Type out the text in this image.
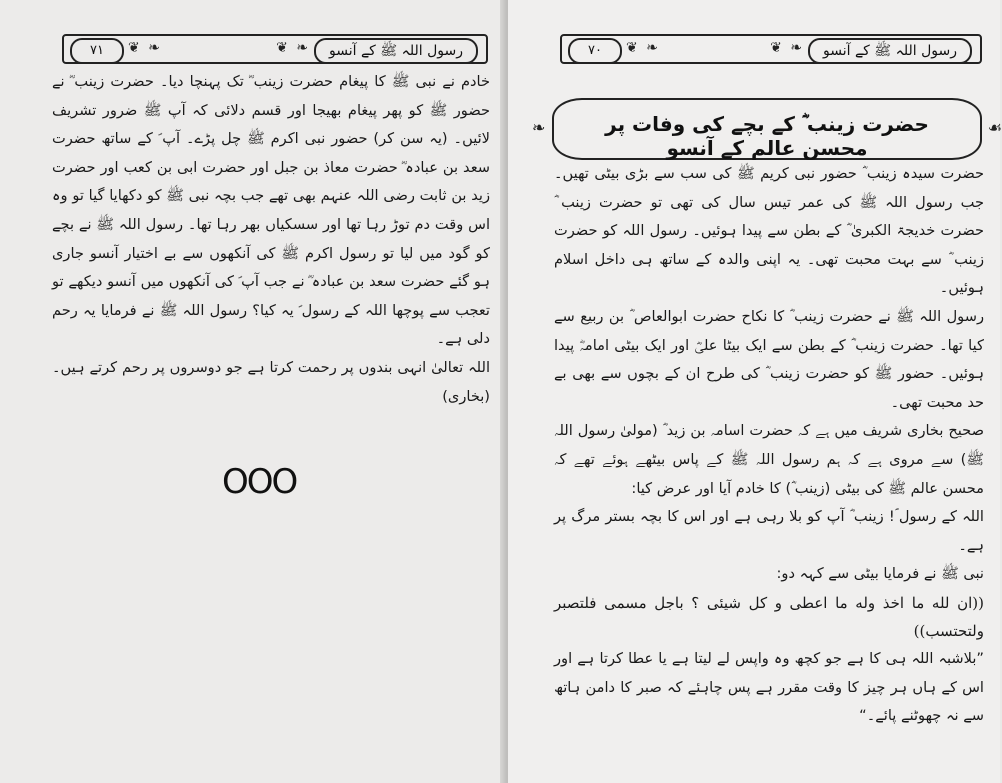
۷۱	❦ ❧	❦ ❧	رسول اللہ ﷺ کے آنسو

خادم نے نبی ﷺ کا پیغام حضرت زینب ؓ تک پہنچا دیا۔ حضرت زینب ؓ نے حضور ﷺ کو پھر پیغام بھیجا اور قسم دلائی کہ آپ ﷺ ضرور تشریف لائیں۔ (یہ سن کر) حضور نبی اکرم ﷺ چل پڑے۔ آپ ؐ کے ساتھ حضرت سعد بن عبادہ ؓ حضرت معاذ بن جبل اور حضرت ابی بن کعب اور حضرت زید بن ثابت رضی اللہ عنہم بھی تھے جب بچہ نبی ﷺ کو دکھایا گیا تو وہ اس وقت دم توڑ رہا تھا اور سسکیاں بھر رہا تھا۔ رسول اللہ ﷺ نے بچے کو گود میں لیا تو رسول اکرم ﷺ کی آنکھوں سے بے اختیار آنسو جاری ہو گئے حضرت سعد بن عبادہ ؓ نے جب آپ ؐ کی آنکھوں میں آنسو دیکھے تو تعجب سے پوچھا اللہ کے رسول ؐ یہ کیا؟ رسول اللہ ﷺ نے فرمایا یہ رحم دلی ہے۔

اللہ تعالیٰ انہی بندوں پر رحمت کرتا ہے جو دوسروں پر رحم کرتے ہیں۔ (بخاری)

OOO
۷۰	❦ ❧	❦ ❧	رسول اللہ ﷺ کے آنسو
❧	حضرت زینب ؓ کے بچے کی وفات پر محسن عالم کے آنسو
☙

حضرت سیدہ زینب ؓ حضور نبی کریم ﷺ کی سب سے بڑی بیٹی تھیں۔ جب رسول اللہ ﷺ کی عمر تیس سال کی تھی تو حضرت زینب ؓ حضرت خدیجۃ الکبریٰ ؓ کے بطن سے پیدا ہوئیں۔ رسول اللہ کو حضرت زینب ؓ سے بہت محبت تھی۔ یہ اپنی والدہ کے ساتھ ہی داخل اسلام ہوئیں۔

رسول اللہ ﷺ نے حضرت زینب ؓ کا نکاح حضرت ابوالعاص ؓ بن ربیع سے کیا تھا۔ حضرت زینب ؓ کے بطن سے ایک بیٹا علیؓ اور ایک بیٹی امامہؓ پیدا ہوئیں۔ حضور ﷺ کو حضرت زینب ؓ کی طرح ان کے بچوں سے بھی بے حد محبت تھی۔

صحیح بخاری شریف میں ہے کہ حضرت اسامہ بن زید ؓ (مولیٰ رسول اللہ ﷺ) سے مروی ہے کہ ہم رسول اللہ ﷺ کے پاس بیٹھے ہوئے تھے کہ محسن عالم ﷺ کی بیٹی (زینب ؓ) کا خادم آیا اور عرض کیا:

اللہ کے رسول ؐ! زینب ؓ آپ کو بلا رہی ہے اور اس کا بچہ بستر مرگ پر ہے۔

نبی ﷺ نے فرمایا بیٹی سے کہہ دو:

((ان لله ما اخذ وله ما اعطى و كل شيئى ؟ باجل مسمى فلتصبر ولتحتسب))

”بلاشبہ اللہ ہی کا ہے جو کچھ وہ واپس لے لیتا ہے یا عطا کرتا ہے اور اس کے ہاں ہر چیز کا وقت مقرر ہے پس چاہئے کہ صبر کا دامن ہاتھ سے نہ چھوٹنے پائے۔“
